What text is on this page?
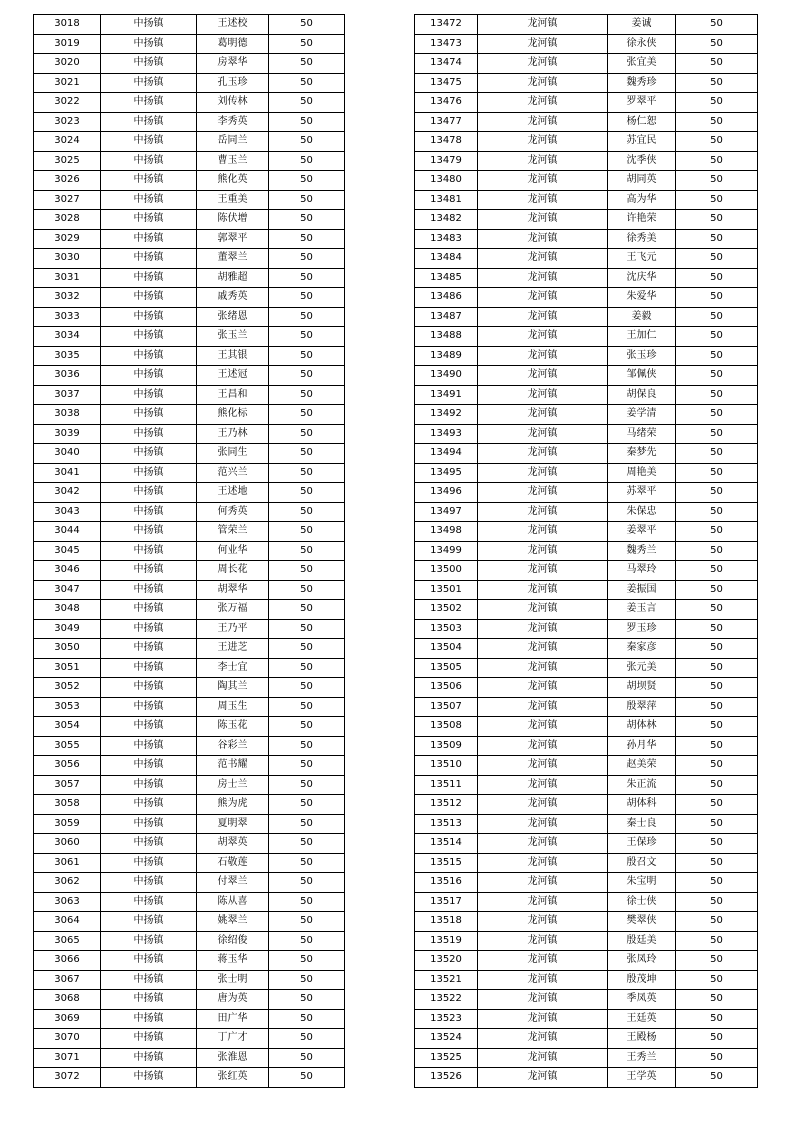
3018	中扬镇	王述校	50
3019	中扬镇	葛明德	50
3020	中扬镇	房翠华	50
3021	中扬镇	孔玉珍	50
3022	中扬镇	刘传林	50
3023	中扬镇	李秀英	50
3024	中扬镇	岳同兰	50
3025	中扬镇	曹玉兰	50
3026	中扬镇	熊化英	50
3027	中扬镇	王重美	50
3028	中扬镇	陈伏增	50
3029	中扬镇	郭翠平	50
3030	中扬镇	董翠兰	50
3031	中扬镇	胡雅超	50
3032	中扬镇	戚秀英	50
3033	中扬镇	张绪恩	50
3034	中扬镇	张玉兰	50
3035	中扬镇	王其银	50
3036	中扬镇	王述冠	50
3037	中扬镇	王昌和	50
3038	中扬镇	熊化标	50
3039	中扬镇	王乃林	50
3040	中扬镇	张同生	50
3041	中扬镇	范兴兰	50
3042	中扬镇	王述地	50
3043	中扬镇	何秀英	50
3044	中扬镇	管荣兰	50
3045	中扬镇	何业华	50
3046	中扬镇	周长花	50
3047	中扬镇	胡翠华	50
3048	中扬镇	张万福	50
3049	中扬镇	王乃平	50
3050	中扬镇	王进芝	50
3051	中扬镇	李士宜	50
3052	中扬镇	陶其兰	50
3053	中扬镇	周玉生	50
3054	中扬镇	陈玉花	50
3055	中扬镇	谷彩兰	50
3056	中扬镇	范书耀	50
3057	中扬镇	房士兰	50
3058	中扬镇	熊为虎	50
3059	中扬镇	夏明翠	50
3060	中扬镇	胡翠英	50
3061	中扬镇	石敬莲	50
3062	中扬镇	付翠兰	50
3063	中扬镇	陈从喜	50
3064	中扬镇	姚翠兰	50
3065	中扬镇	徐绍俊	50
3066	中扬镇	蒋玉华	50
3067	中扬镇	张士明	50
3068	中扬镇	唐为英	50
3069	中扬镇	田广华	50
3070	中扬镇	丁广才	50
3071	中扬镇	张淮恩	50
3072	中扬镇	张红英	50
13472	龙河镇	姜诚	50
13473	龙河镇	徐永侠	50
13474	龙河镇	张宜美	50
13475	龙河镇	魏秀珍	50
13476	龙河镇	罗翠平	50
13477	龙河镇	杨仁恕	50
13478	龙河镇	苏宜民	50
13479	龙河镇	沈季侠	50
13480	龙河镇	胡同英	50
13481	龙河镇	高为华	50
13482	龙河镇	许艳荣	50
13483	龙河镇	徐秀美	50
13484	龙河镇	王飞元	50
13485	龙河镇	沈庆华	50
13486	龙河镇	朱爱华	50
13487	龙河镇	姜毅	50
13488	龙河镇	王加仁	50
13489	龙河镇	张玉珍	50
13490	龙河镇	邹佩侠	50
13491	龙河镇	胡保良	50
13492	龙河镇	姜学清	50
13493	龙河镇	马绪荣	50
13494	龙河镇	秦梦先	50
13495	龙河镇	周艳美	50
13496	龙河镇	苏翠平	50
13497	龙河镇	朱保忠	50
13498	龙河镇	姜翠平	50
13499	龙河镇	魏秀兰	50
13500	龙河镇	马翠玲	50
13501	龙河镇	姜振国	50
13502	龙河镇	姜玉言	50
13503	龙河镇	罗玉珍	50
13504	龙河镇	秦家彦	50
13505	龙河镇	张元美	50
13506	龙河镇	胡坝贤	50
13507	龙河镇	殷翠萍	50
13508	龙河镇	胡体林	50
13509	龙河镇	孙月华	50
13510	龙河镇	赵美荣	50
13511	龙河镇	朱正流	50
13512	龙河镇	胡体科	50
13513	龙河镇	秦士良	50
13514	龙河镇	王保珍	50
13515	龙河镇	殷召文	50
13516	龙河镇	朱宝明	50
13517	龙河镇	徐士侠	50
13518	龙河镇	樊翠侠	50
13519	龙河镇	殷廷美	50
13520	龙河镇	张凤玲	50
13521	龙河镇	殷茂坤	50
13522	龙河镇	季凤英	50
13523	龙河镇	王廷英	50
13524	龙河镇	王殿杨	50
13525	龙河镇	王秀兰	50
13526	龙河镇	王学英	50
